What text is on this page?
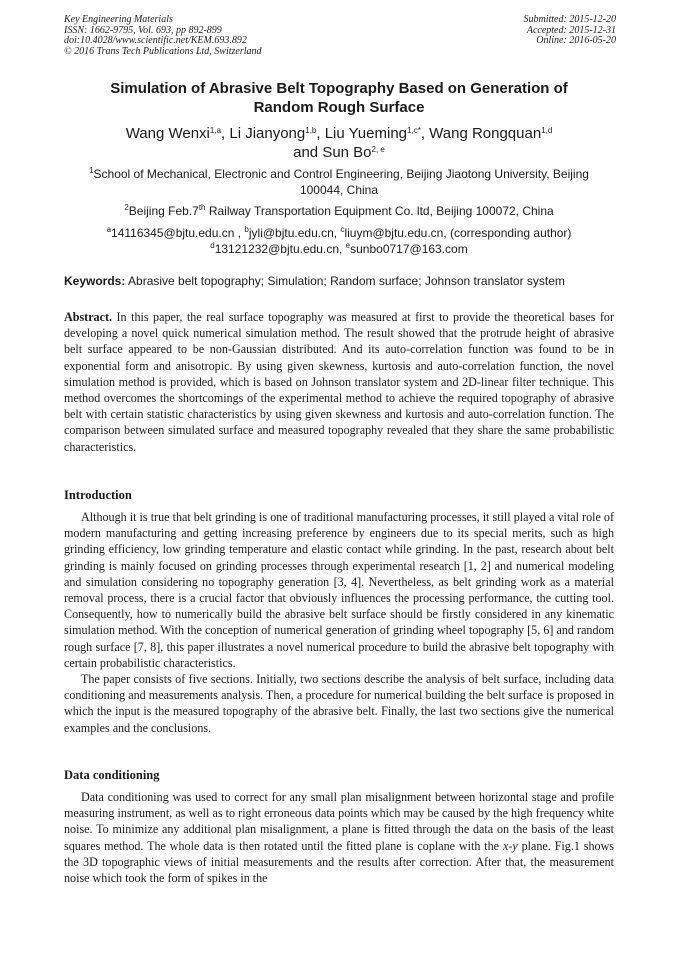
Key Engineering Materials
ISSN: 1662-9795, Vol. 693, pp 892-899
doi:10.4028/www.scientific.net/KEM.693.892
© 2016 Trans Tech Publications Ltd, Switzerland
Submitted: 2015-12-20
Accepted: 2015-12-31
Online: 2016-05-20
Simulation of Abrasive Belt Topography Based on Generation of
Random Rough Surface
Wang Wenxi$^{1,a}$, Li Jianyong$^{1,b}$, Liu Yueming$^{1,c*}$, Wang Rongquan$^{1,d}$
and Sun Bo$^{2, e}$
$^1$School of Mechanical, Electronic and Control Engineering, Beijing Jiaotong University, Beijing
100044, China
$^2$Beijing Feb.7th Railway Transportation Equipment Co. ltd, Beijing 100072, China
$^a$14116345@bjtu.edu.cn , $^b$jyli@bjtu.edu.cn, $^c$liuym@bjtu.edu.cn, (corresponding author)
$^d$13121232@bjtu.edu.cn, $^e$sunbo0717@163.com
Keywords: Abrasive belt topography; Simulation; Random surface; Johnson translator system

Abstract. In this paper, the real surface topography was measured at first to provide the theoretical bases for developing a novel quick numerical simulation method. The result showed that the protrude height of abrasive belt surface appeared to be non-Gaussian distributed. And its auto-correlation function was found to be in exponential form and anisotropic. By using given skewness, kurtosis and auto-correlation function, the novel simulation method is provided, which is based on Johnson translator system and 2D-linear filter technique. This method overcomes the shortcomings of the experimental method to achieve the required topography of abrasive belt with certain statistic characteristics by using given skewness and kurtosis and auto-correlation function. The comparison between simulated surface and measured topography revealed that they share the same probabilistic characteristics.

Introduction

Although it is true that belt grinding is one of traditional manufacturing processes, it still played a vital role of modern manufacturing and getting increasing preference by engineers due to its special merits, such as high grinding efficiency, low grinding temperature and elastic contact while grinding. In the past, research about belt grinding is mainly focused on grinding processes through experimental research [1, 2] and numerical modeling and simulation considering no topography generation [3, 4]. Nevertheless, as belt grinding work as a material removal process, there is a crucial factor that obviously influences the processing performance, the cutting tool. Consequently, how to numerically build the abrasive belt surface should be firstly considered in any kinematic simulation method. With the conception of numerical generation of grinding wheel topography [5, 6] and random rough surface [7, 8], this paper illustrates a novel numerical procedure to build the abrasive belt topography with certain probabilistic characteristics.

The paper consists of five sections. Initially, two sections describe the analysis of belt surface, including data conditioning and measurements analysis. Then, a procedure for numerical building the belt surface is proposed in which the input is the measured topography of the abrasive belt. Finally, the last two sections give the numerical examples and the conclusions.

Data conditioning

Data conditioning was used to correct for any small plan misalignment between horizontal stage and profile measuring instrument, as well as to right erroneous data points which may be caused by the high frequency white noise. To minimize any additional plan misalignment, a plane is fitted through the data on the basis of the least squares method. The whole data is then rotated until the fitted plane is coplane with the x-y plane. Fig.1 shows the 3D topographic views of initial measurements and the results after correction. After that, the measurement noise which took the form of spikes in the
